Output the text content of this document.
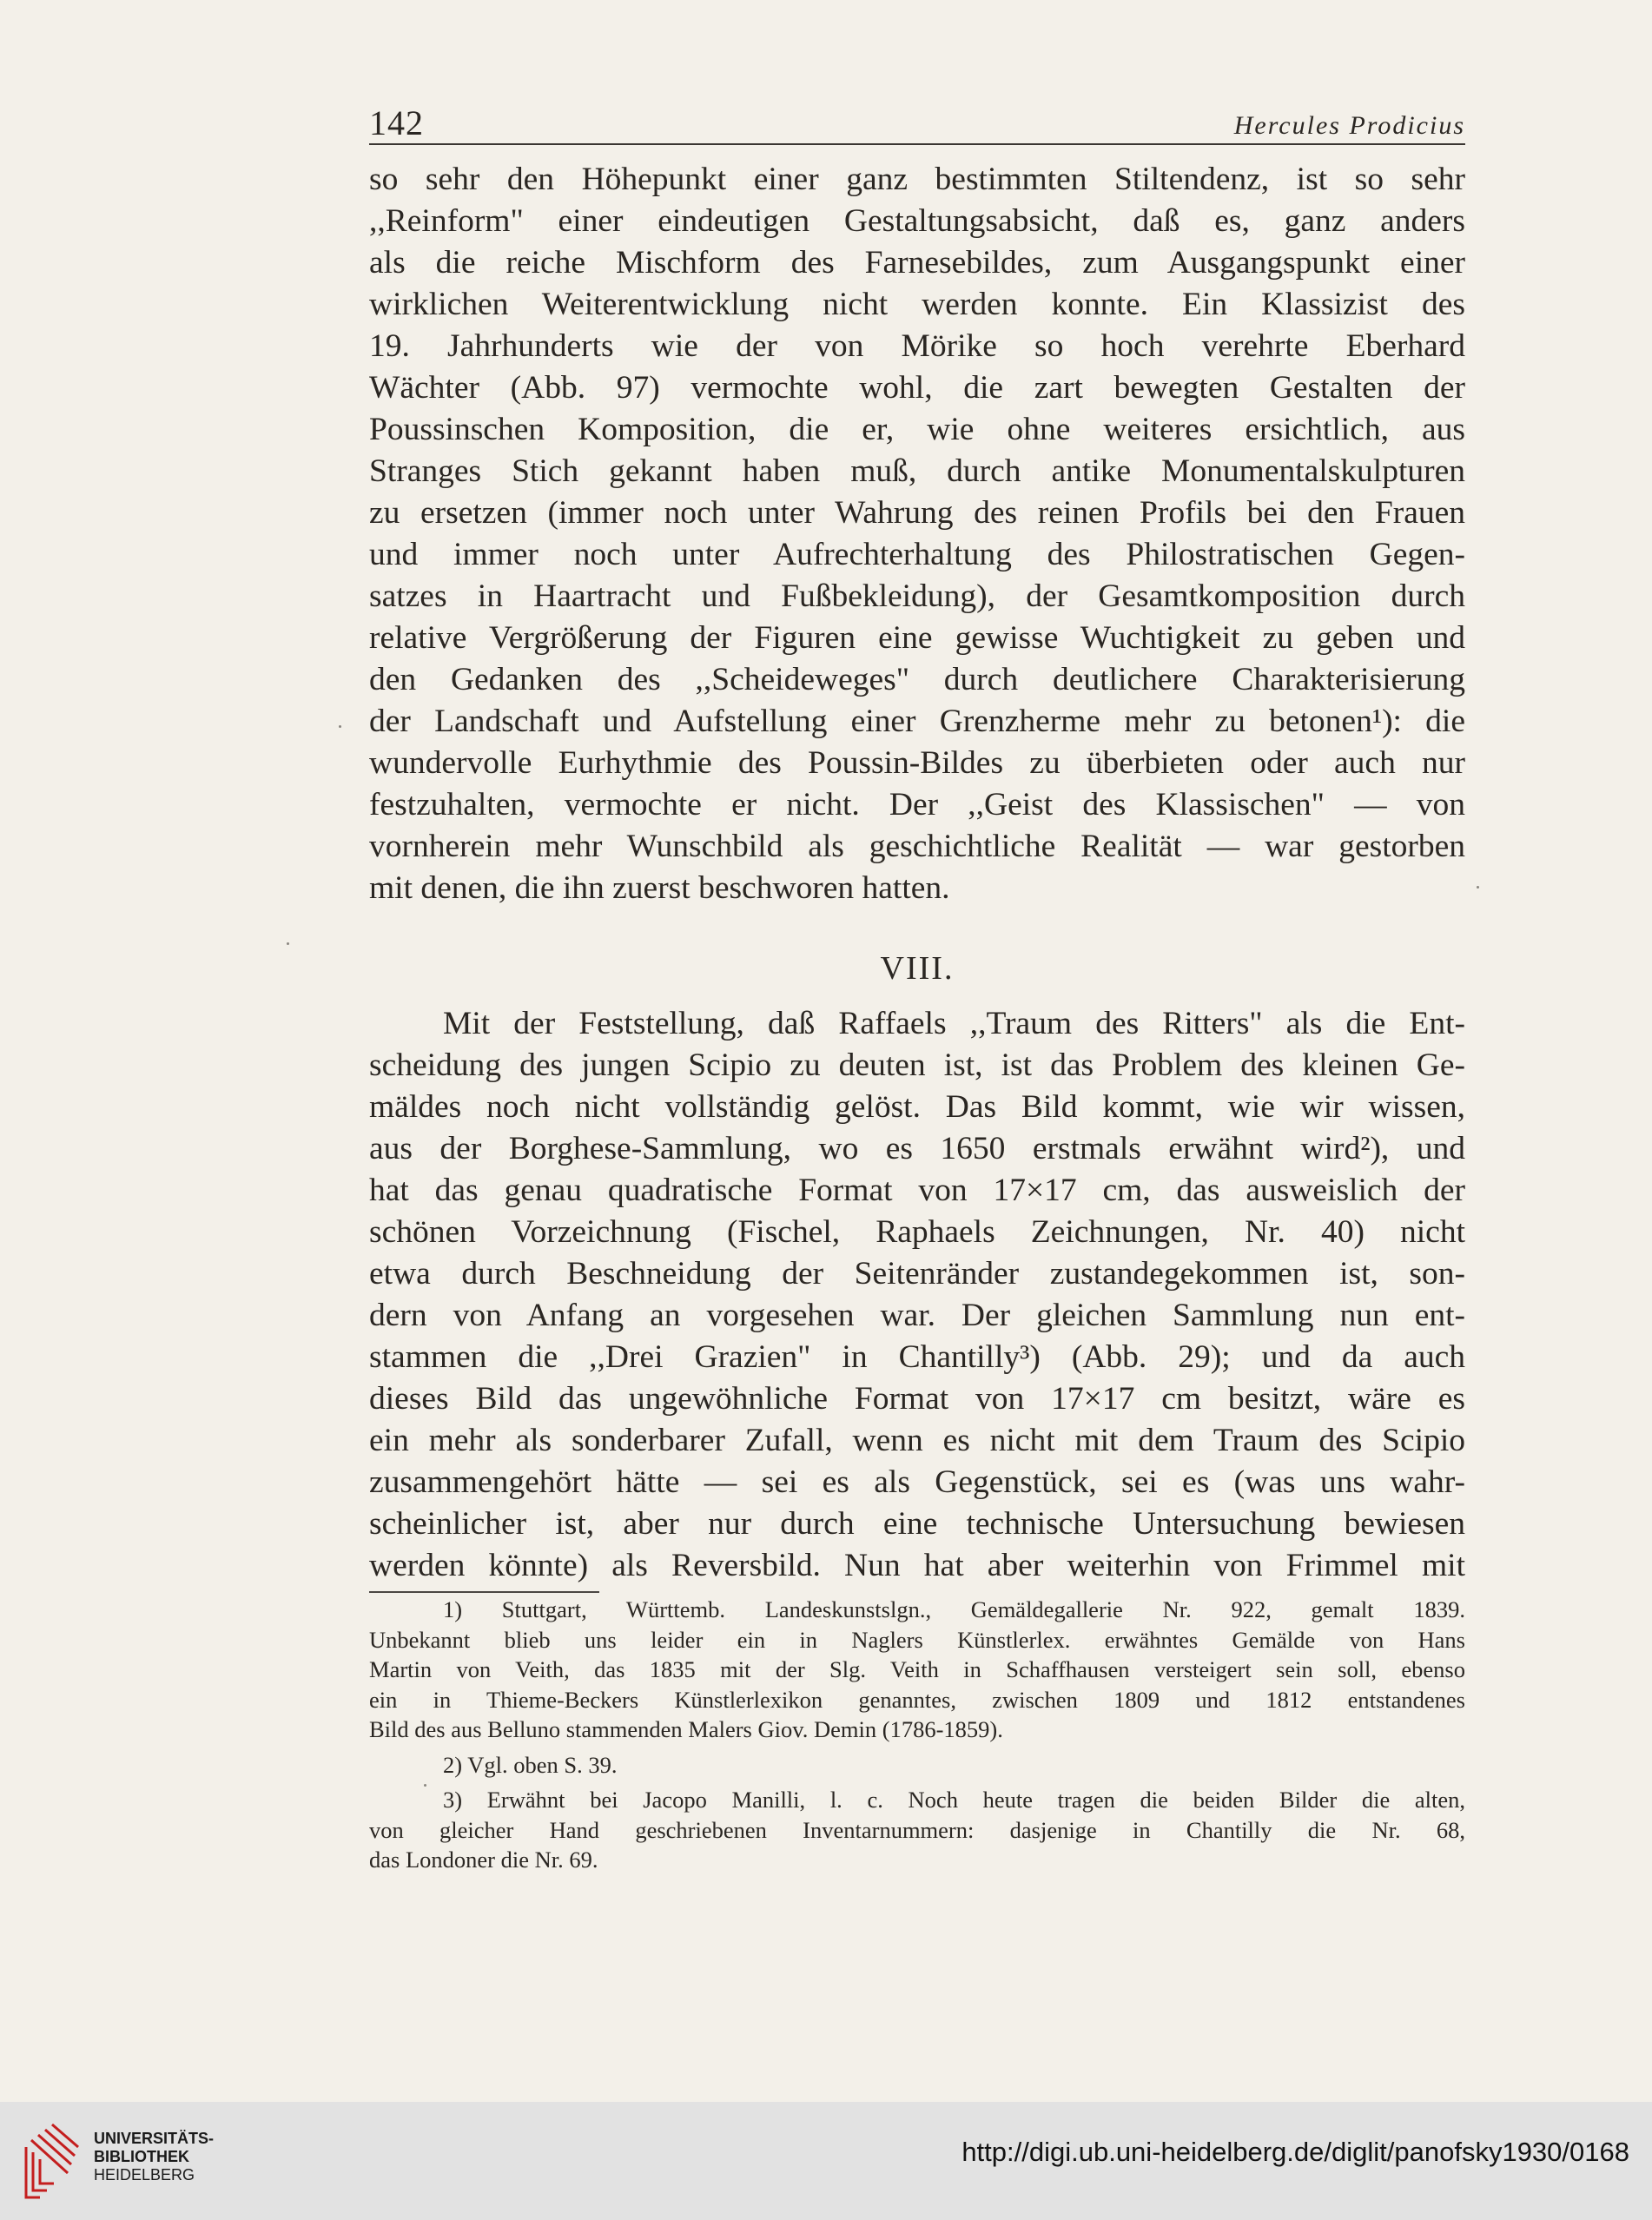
142	Hercules Prodicius
so sehr den Höhepunkt einer ganz bestimmten Stiltendenz, ist so sehr
,,Reinform" einer eindeutigen Gestaltungsabsicht, daß es, ganz anders
als die reiche Mischform des Farnesebildes, zum Ausgangspunkt einer
wirklichen Weiterentwicklung nicht werden konnte. Ein Klassizist des
19. Jahrhunderts wie der von Mörike so hoch verehrte Eberhard
Wächter (Abb. 97) vermochte wohl, die zart bewegten Gestalten der
Poussinschen Komposition, die er, wie ohne weiteres ersichtlich, aus
Stranges Stich gekannt haben muß, durch antike Monumentalskulpturen
zu ersetzen (immer noch unter Wahrung des reinen Profils bei den Frauen
und immer noch unter Aufrechterhaltung des Philostratischen Gegen-
satzes in Haartracht und Fußbekleidung), der Gesamtkomposition durch
relative Vergrößerung der Figuren eine gewisse Wuchtigkeit zu geben und
den Gedanken des ,,Scheideweges" durch deutlichere Charakterisierung
der Landschaft und Aufstellung einer Grenzherme mehr zu betonen¹): die
wundervolle Eurhythmie des Poussin-Bildes zu überbieten oder auch nur
festzuhalten, vermochte er nicht. Der ,,Geist des Klassischen" — von
vornherein mehr Wunschbild als geschichtliche Realität — war gestorben
mit denen, die ihn zuerst beschworen hatten.
VIII.
Mit der Feststellung, daß Raffaels ,,Traum des Ritters" als die Ent-
scheidung des jungen Scipio zu deuten ist, ist das Problem des kleinen Ge-
mäldes noch nicht vollständig gelöst. Das Bild kommt, wie wir wissen,
aus der Borghese-Sammlung, wo es 1650 erstmals erwähnt wird²), und
hat das genau quadratische Format von 17×17 cm, das ausweislich der
schönen Vorzeichnung (Fischel, Raphaels Zeichnungen, Nr. 40) nicht
etwa durch Beschneidung der Seitenränder zustandegekommen ist, son-
dern von Anfang an vorgesehen war. Der gleichen Sammlung nun ent-
stammen die ,,Drei Grazien" in Chantilly³) (Abb. 29); und da auch
dieses Bild das ungewöhnliche Format von 17×17 cm besitzt, wäre es
ein mehr als sonderbarer Zufall, wenn es nicht mit dem Traum des Scipio
zusammengehört hätte — sei es als Gegenstück, sei es (was uns wahr-
scheinlicher ist, aber nur durch eine technische Untersuchung bewiesen
werden könnte) als Reversbild. Nun hat aber weiterhin von Frimmel mit
1) Stuttgart, Württemb. Landeskunstslgn., Gemäldegallerie Nr. 922, gemalt 1839.
Unbekannt blieb uns leider ein in Naglers Künstlerlex. erwähntes Gemälde von Hans
Martin von Veith, das 1835 mit der Slg. Veith in Schaffhausen versteigert sein soll, ebenso
ein in Thieme-Beckers Künstlerlexikon genanntes, zwischen 1809 und 1812 entstandenes
Bild des aus Belluno stammenden Malers Giov. Demin (1786-1859).
2) Vgl. oben S. 39.
3) Erwähnt bei Jacopo Manilli, l. c. Noch heute tragen die beiden Bilder die alten,
von gleicher Hand geschriebenen Inventarnummern: dasjenige in Chantilly die Nr. 68,
das Londoner die Nr. 69.
UNIVERSITÄTS-
BIBLIOTHEK
HEIDELBERG
http://digi.ub.uni-heidelberg.de/diglit/panofsky1930/0168
